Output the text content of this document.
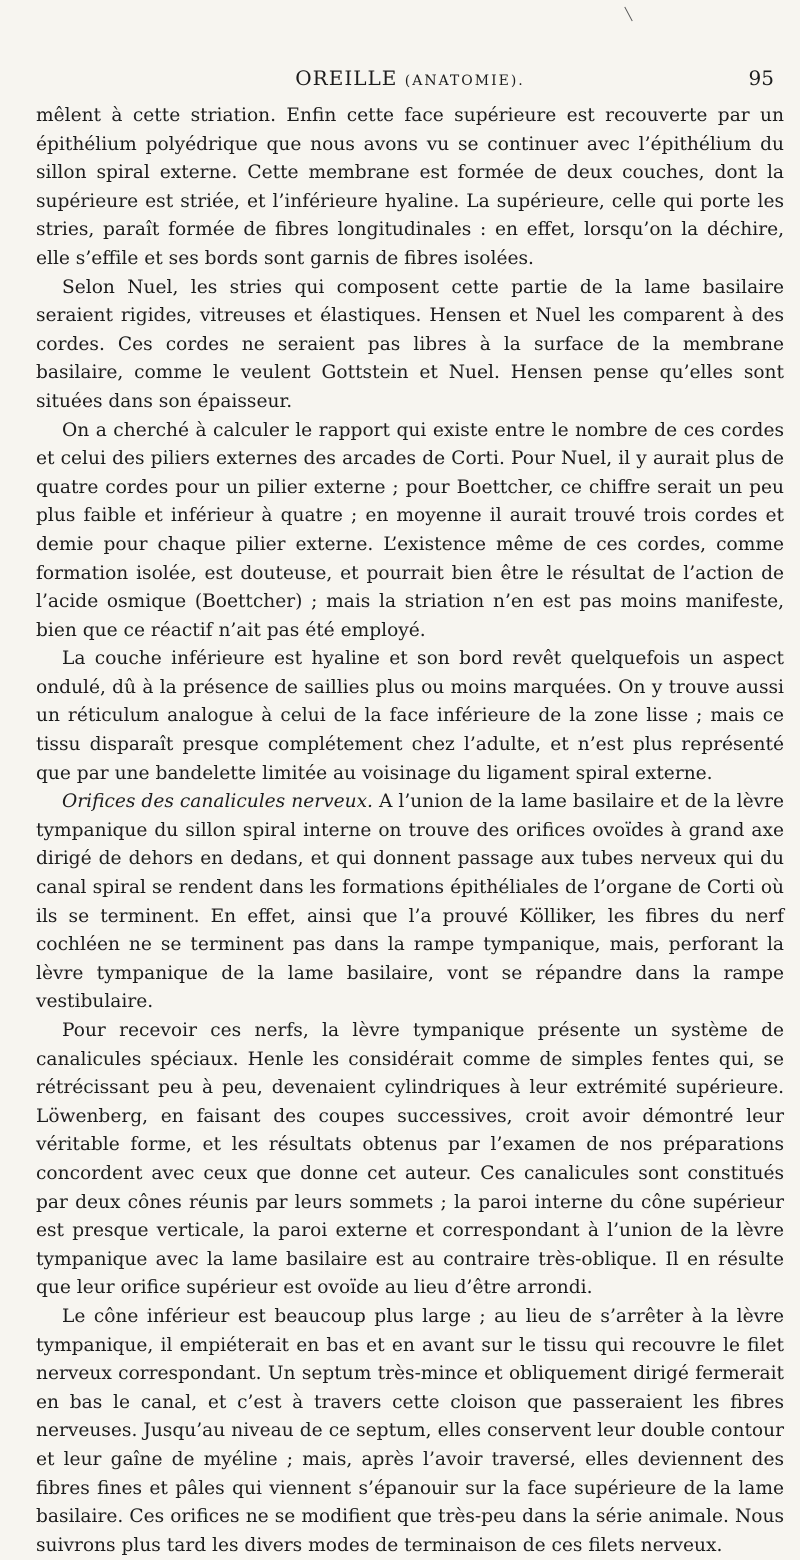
OREILLE (ANATOMIE).	95

mêlent à cette striation. Enfin cette face supérieure est recouverte par un épithélium polyédrique que nous avons vu se continuer avec l’épithélium du sillon spiral externe. Cette membrane est formée de deux couches, dont la supérieure est striée, et l’inférieure hyaline. La supérieure, celle qui porte les stries, paraît formée de fibres longitudinales : en effet, lorsqu’on la déchire, elle s’effile et ses bords sont garnis de fibres isolées.

Selon Nuel, les stries qui composent cette partie de la lame basilaire seraient rigides, vitreuses et élastiques. Hensen et Nuel les comparent à des cordes. Ces cordes ne seraient pas libres à la surface de la membrane basilaire, comme le veulent Gottstein et Nuel. Hensen pense qu’elles sont situées dans son épaisseur.

On a cherché à calculer le rapport qui existe entre le nombre de ces cordes et celui des piliers externes des arcades de Corti. Pour Nuel, il y aurait plus de quatre cordes pour un pilier externe ; pour Boettcher, ce chiffre serait un peu plus faible et inférieur à quatre ; en moyenne il aurait trouvé trois cordes et demie pour chaque pilier externe. L’existence même de ces cordes, comme formation isolée, est douteuse, et pourrait bien être le résultat de l’action de l’acide osmique (Boettcher) ; mais la striation n’en est pas moins manifeste, bien que ce réactif n’ait pas été employé.

La couche inférieure est hyaline et son bord revêt quelquefois un aspect ondulé, dû à la présence de saillies plus ou moins marquées. On y trouve aussi un réticulum analogue à celui de la face inférieure de la zone lisse ; mais ce tissu disparaît presque complétement chez l’adulte, et n’est plus représenté que par une bandelette limitée au voisinage du ligament spiral externe.

Orifices des canalicules nerveux. A l’union de la lame basilaire et de la lèvre tympanique du sillon spiral interne on trouve des orifices ovoïdes à grand axe dirigé de dehors en dedans, et qui donnent passage aux tubes nerveux qui du canal spiral se rendent dans les formations épithéliales de l’organe de Corti où ils se terminent. En effet, ainsi que l’a prouvé Kölliker, les fibres du nerf cochléen ne se terminent pas dans la rampe tympanique, mais, perforant la lèvre tympanique de la lame basilaire, vont se répandre dans la rampe vestibulaire.

Pour recevoir ces nerfs, la lèvre tympanique présente un système de canalicules spéciaux. Henle les considérait comme de simples fentes qui, se rétrécissant peu à peu, devenaient cylindriques à leur extrémité supérieure. Löwenberg, en faisant des coupes successives, croit avoir démontré leur véritable forme, et les résultats obtenus par l’examen de nos préparations concordent avec ceux que donne cet auteur. Ces canalicules sont constitués par deux cônes réunis par leurs sommets ; la paroi interne du cône supérieur est presque verticale, la paroi externe et correspondant à l’union de la lèvre tympanique avec la lame basilaire est au contraire très-oblique. Il en résulte que leur orifice supérieur est ovoïde au lieu d’être arrondi.

Le cône inférieur est beaucoup plus large ; au lieu de s’arrêter à la lèvre tympanique, il empiéterait en bas et en avant sur le tissu qui recouvre le filet nerveux correspondant. Un septum très-mince et obliquement dirigé fermerait en bas le canal, et c’est à travers cette cloison que passeraient les fibres nerveuses. Jusqu’au niveau de ce septum, elles conservent leur double contour et leur gaîne de myéline ; mais, après l’avoir traversé, elles deviennent des fibres fines et pâles qui viennent s’épanouir sur la face supérieure de la lame basilaire. Ces orifices ne se modifient que très-peu dans la série animale. Nous suivrons plus tard les divers modes de terminaison de ces filets nerveux.
